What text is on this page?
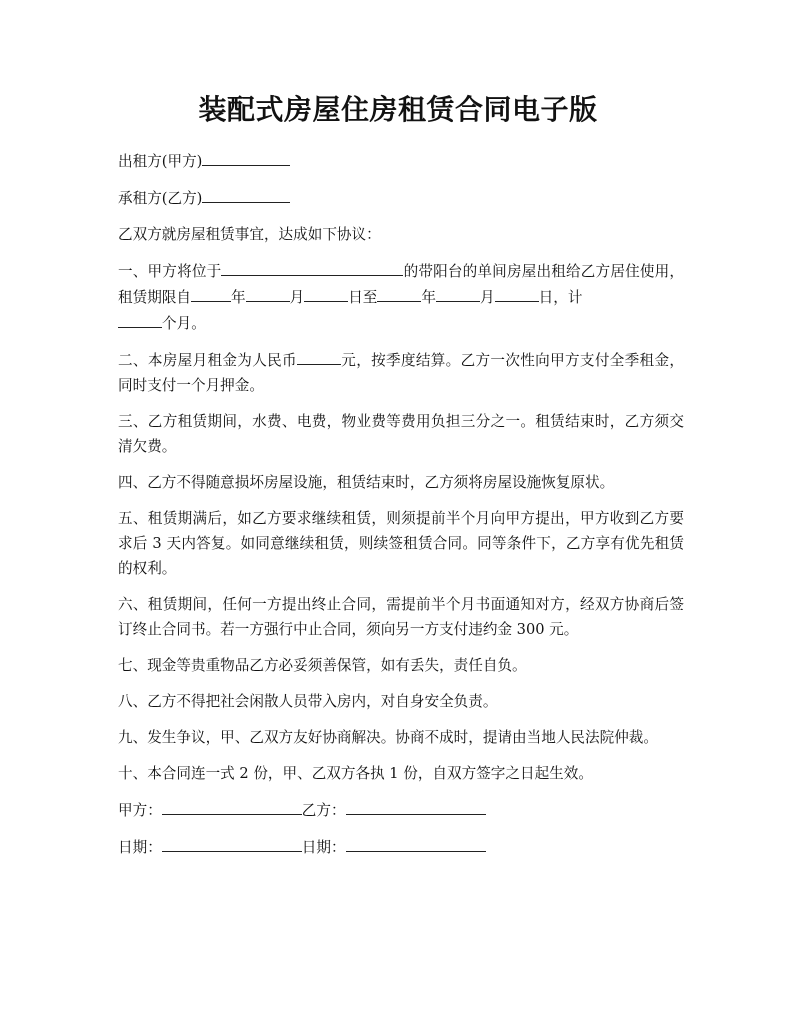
装配式房屋住房租赁合同电子版

出租方(甲方)

承租方(乙方)

乙双方就房屋租赁事宜，达成如下协议：

一、甲方将位于	的带阳台的单间房屋出租给乙方居住使用，租赁期限自	年	月	日至	年	月	日，计
个月。

二、本房屋月租金为人民币	元，按季度结算。乙方一次性向甲方支付全季租金，同时支付一个月押金。

三、乙方租赁期间，水费、电费，物业费等费用负担三分之一。租赁结束时，乙方须交清欠费。

四、乙方不得随意损坏房屋设施，租赁结束时，乙方须将房屋设施恢复原状。

五、租赁期满后，如乙方要求继续租赁，则须提前半个月向甲方提出，甲方收到乙方要求后 3 天内答复。如同意继续租赁，则续签租赁合同。同等条件下，乙方享有优先租赁的权利。

六、租赁期间，任何一方提出终止合同，需提前半个月书面通知对方，经双方协商后签订终止合同书。若一方强行中止合同，须向另一方支付违约金 300 元。

七、现金等贵重物品乙方必妥须善保管，如有丢失，责任自负。

八、乙方不得把社会闲散人员带入房内，对自身安全负责。

九、发生争议，甲、乙双方友好协商解决。协商不成时，提请由当地人民法院仲裁。

十、本合同连一式 2 份，甲、乙双方各执 1 份，自双方签字之日起生效。

甲方：	乙方：

日期：	日期：
